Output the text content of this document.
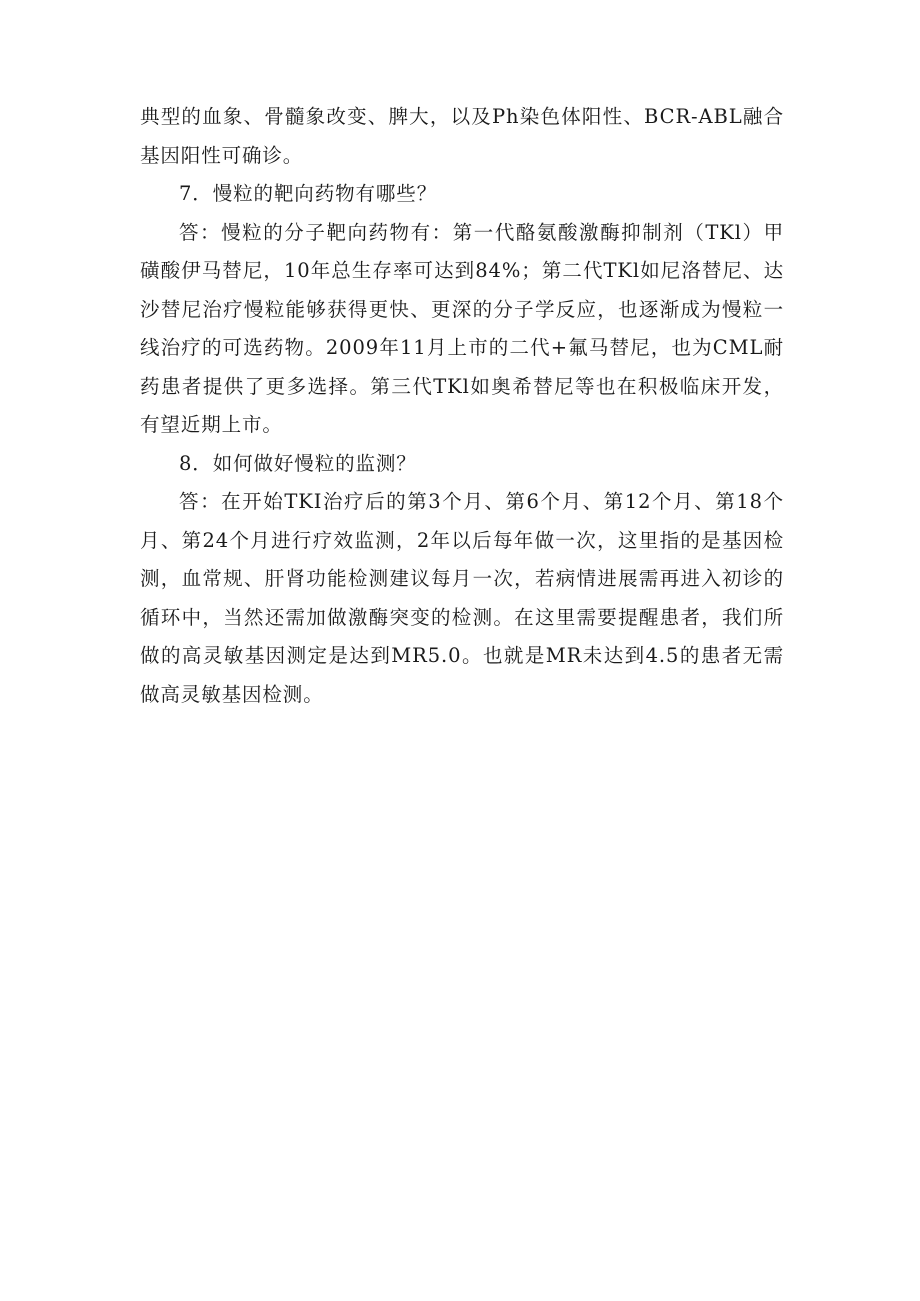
典型的血象、骨髓象改变、脾大，以及Ph染色体阳性、BCR-ABL融合基因阳性可确诊。

7．慢粒的靶向药物有哪些？

答：慢粒的分子靶向药物有：第一代酪氨酸激酶抑制剂（TKl）甲磺酸伊马替尼，10年总生存率可达到84%；第二代TKl如尼洛替尼、达沙替尼治疗慢粒能够获得更快、更深的分子学反应，也逐渐成为慢粒一线治疗的可选药物。2009年11月上市的二代+氟马替尼，也为CML耐药患者提供了更多选择。第三代TKl如奥希替尼等也在积极临床开发，有望近期上市。

8．如何做好慢粒的监测？

答：在开始TKI治疗后的第3个月、第6个月、第12个月、第18个月、第24个月进行疗效监测，2年以后每年做一次，这里指的是基因检测，血常规、肝肾功能检测建议每月一次，若病情进展需再进入初诊的循环中，当然还需加做激酶突变的检测。在这里需要提醒患者，我们所做的高灵敏基因测定是达到MR5.0。也就是MR未达到4.5的患者无需做高灵敏基因检测。
